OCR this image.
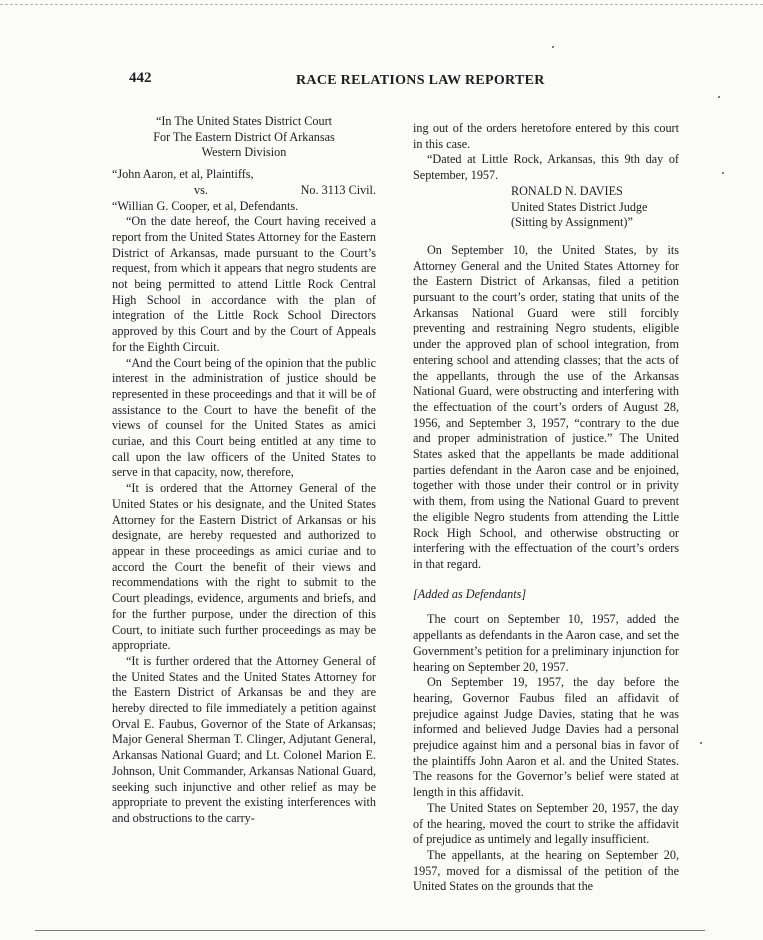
442	RACE RELATIONS LAW REPORTER
“In The United States District Court
For The Eastern District Of Arkansas
Western Division
“John Aaron, et al, Plaintiffs,
vs.	No. 3113 Civil.
“Willian G. Cooper, et al, Defendants.

“On the date hereof, the Court having received a report from the United States Attorney for the Eastern District of Arkansas, made pursuant to the Court’s request, from which it appears that negro students are not being permitted to attend Little Rock Central High School in accordance with the plan of integration of the Little Rock School Directors approved by this Court and by the Court of Appeals for the Eighth Circuit.

“And the Court being of the opinion that the public interest in the administration of justice should be represented in these proceedings and that it will be of assistance to the Court to have the benefit of the views of counsel for the United States as amici curiae, and this Court being entitled at any time to call upon the law officers of the United States to serve in that capacity, now, therefore,

“It is ordered that the Attorney General of the United States or his designate, and the United States Attorney for the Eastern District of Arkansas or his designate, are hereby requested and authorized to appear in these proceedings as amici curiae and to accord the Court the benefit of their views and recommendations with the right to submit to the Court pleadings, evidence, arguments and briefs, and for the further purpose, under the direction of this Court, to initiate such further proceedings as may be appropriate.

“It is further ordered that the Attorney General of the United States and the United States Attorney for the Eastern District of Arkansas be and they are hereby directed to file immediately a petition against Orval E. Faubus, Governor of the State of Arkansas; Major General Sherman T. Clinger, Adjutant General, Arkansas National Guard; and Lt. Colonel Marion E. Johnson, Unit Commander, Arkansas National Guard, seeking such injunctive and other relief as may be appropriate to prevent the existing interferences with and obstructions to the carry-

ing out of the orders heretofore entered by this court in this case.

“Dated at Little Rock, Arkansas, this 9th day of September, 1957.

RONALD N. DAVIES
United States District Judge
(Sitting by Assignment)”

On September 10, the United States, by its Attorney General and the United States Attorney for the Eastern District of Arkansas, filed a petition pursuant to the court’s order, stating that units of the Arkansas National Guard were still forcibly preventing and restraining Negro students, eligible under the approved plan of school integration, from entering school and attending classes; that the acts of the appellants, through the use of the Arkansas National Guard, were obstructing and interfering with the effectuation of the court’s orders of August 28, 1956, and September 3, 1957, “contrary to the due and proper administration of justice.” The United States asked that the appellants be made additional parties defendant in the Aaron case and be enjoined, together with those under their control or in privity with them, from using the National Guard to prevent the eligible Negro students from attending the Little Rock High School, and otherwise obstructing or interfering with the effectuation of the court’s orders in that regard.

[Added as Defendants]

The court on September 10, 1957, added the appellants as defendants in the Aaron case, and set the Government’s petition for a preliminary injunction for hearing on September 20, 1957.

On September 19, 1957, the day before the hearing, Governor Faubus filed an affidavit of prejudice against Judge Davies, stating that he was informed and believed Judge Davies had a personal prejudice against him and a personal bias in favor of the plaintiffs John Aaron et al. and the United States. The reasons for the Governor’s belief were stated at length in this affidavit.

The United States on September 20, 1957, the day of the hearing, moved the court to strike the affidavit of prejudice as untimely and legally insufficient.

The appellants, at the hearing on September 20, 1957, moved for a dismissal of the petition of the United States on the grounds that the
